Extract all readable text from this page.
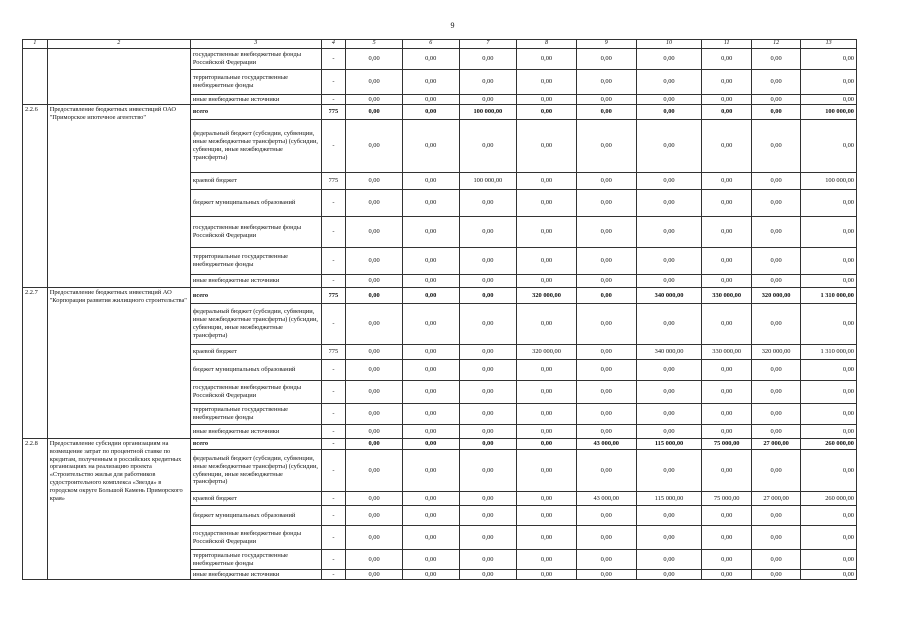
9
1	2	3	4	5	6	7	8	9	10	11	12	13
		государственные внебюджетные фонды Российской Федерации	-	0,00	0,00	0,00	0,00	0,00	0,00	0,00	0,00	0,00
		территориальные государственные внебюджетные фонды	-	0,00	0,00	0,00	0,00	0,00	0,00	0,00	0,00	0,00
		иные внебюджетные источники	-	0,00	0,00	0,00	0,00	0,00	0,00	0,00	0,00	0,00
2.2.6	Предоставление бюджетных инвестиций ОАО "Приморское ипотечное агентство"	всего	775	0,00	0,00	100 000,00	0,00	0,00	0,00	0,00	0,00	100 000,00
		федеральный бюджет (субсидии, субвенции, иные межбюджетные трансферты) (субсидии, субвенции, иные межбюджетные трансферты)	-	0,00	0,00	0,00	0,00	0,00	0,00	0,00	0,00	0,00
		краевой бюджет	775	0,00	0,00	100 000,00	0,00	0,00	0,00	0,00	0,00	100 000,00
		бюджет муниципальных образований	-	0,00	0,00	0,00	0,00	0,00	0,00	0,00	0,00	0,00
		государственные внебюджетные фонды Российской Федерации	-	0,00	0,00	0,00	0,00	0,00	0,00	0,00	0,00	0,00
		территориальные государственные внебюджетные фонды	-	0,00	0,00	0,00	0,00	0,00	0,00	0,00	0,00	0,00
		иные внебюджетные источники	-	0,00	0,00	0,00	0,00	0,00	0,00	0,00	0,00	0,00
2.2.7	Предоставление бюджетных инвестиций АО "Корпорация развития жилищного строительства"	всего	775	0,00	0,00	0,00	320 000,00	0,00	340 000,00	330 000,00	320 000,00	1 310 000,00
		федеральный бюджет (субсидии, субвенции, иные межбюджетные трансферты) (субсидии, субвенции, иные межбюджетные трансферты)	-	0,00	0,00	0,00	0,00	0,00	0,00	0,00	0,00	0,00
		краевой бюджет	775	0,00	0,00	0,00	320 000,00	0,00	340 000,00	330 000,00	320 000,00	1 310 000,00
		бюджет муниципальных образований	-	0,00	0,00	0,00	0,00	0,00	0,00	0,00	0,00	0,00
		государственные внебюджетные фонды Российской Федерации	-	0,00	0,00	0,00	0,00	0,00	0,00	0,00	0,00	0,00
		территориальные государственные внебюджетные фонды	-	0,00	0,00	0,00	0,00	0,00	0,00	0,00	0,00	0,00
		иные внебюджетные источники	-	0,00	0,00	0,00	0,00	0,00	0,00	0,00	0,00	0,00
2.2.8	Предоставление субсидии организациям на возмещение затрат по процентной ставке по кредитам, полученным в российских кредитных организациях на реализацию проекта «Строительство жилья для работников судостроительного комплекса «Звезда» в городском округе Большой Камень Приморского края»	всего	-	0,00	0,00	0,00	0,00	43 000,00	115 000,00	75 000,00	27 000,00	260 000,00
		федеральный бюджет (субсидии, субвенции, иные межбюджетные трансферты) (субсидии, субвенции, иные межбюджетные трансферты)	-	0,00	0,00	0,00	0,00	0,00	0,00	0,00	0,00	0,00
		краевой бюджет	-	0,00	0,00	0,00	0,00	43 000,00	115 000,00	75 000,00	27 000,00	260 000,00
		бюджет муниципальных образований	-	0,00	0,00	0,00	0,00	0,00	0,00	0,00	0,00	0,00
		государственные внебюджетные фонды Российской Федерации	-	0,00	0,00	0,00	0,00	0,00	0,00	0,00	0,00	0,00
		территориальные государственные внебюджетные фонды	-	0,00	0,00	0,00	0,00	0,00	0,00	0,00	0,00	0,00
		иные внебюджетные источники	-	0,00	0,00	0,00	0,00	0,00	0,00	0,00	0,00	0,00
